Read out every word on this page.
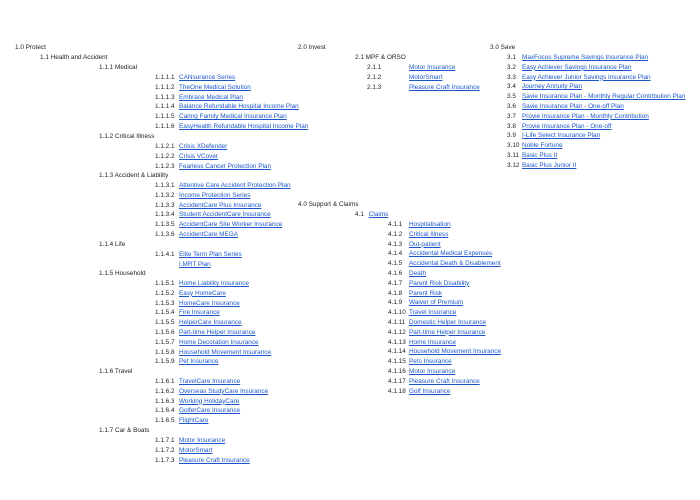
1.0 Protect
1.1 Health and Accident
1.1.1 Medical
1.1.1.1 CANsurance Series
1.1.1.2 TheOne Medical Solution
1.1.1.3 Embrace Medical Plan
1.1.1.4 Balance Refundable Hospital Income Plan
1.1.1.5 Caring Family Medical Insurance Plan
1.1.1.6 EasyHealth Refundable Hospital Income Plan
1.1.2 Critical Illness
1.1.2.1 Crisis XDefender
1.1.2.2 Crisis VCover
1.1.2.3 Fearless Cancer Protection Plan
1.1.3 Accident & Liability
1.1.3.1 Attentive Care Accident Protection Plan
1.1.3.2 Income Protection Series
1.1.3.3 AccidentCare Plus Insurance
1.1.3.4 Student AccidentCare Insurance
1.1.3.5 AccidentCare Site Worker Insurance
1.1.3.6 AccidentCare MEGA
1.1.4 Life
1.1.4.1 Elite Term Plan Series
I.MRT Plan
1.1.5 Household
1.1.5.1 Home Liability Insurance
1.1.5.2 Easy HomeCare
1.1.5.3 HomeCare Insurance
1.1.5.4 Fire Insurance
1.1.5.5 HelperCare Insurance
1.1.5.6 Part-time Helper Insurance
1.1.5.7 Home Decoration Insurance
1.1.5.8 Household Movement Insurance
1.1.5.9 Pet Insurance
1.1.6 Travel
1.1.6.1 TravelCare Insurance
1.1.6.2 Overseas StudyCare Insurance
1.1.6.3 Working HolidayCare
1.1.6.4 GolferCare Insurance
1.1.6.5 FlightCare
1.1.7 Car & Boats
1.1.7.1 Motor Insurance
1.1.7.2 MotorSmart
1.1.7.3 Pleasure Craft Insurance
2.0 Invest
2.1 MPF & ORSO
2.1.1	Motor Insurance
2.1.2	MotorSmart
2.1.3	Pleasure Craft Insurance
4.0 Support & Claims
4.1 Claims
4.1.1 Hospitalisation
4.1.2 Critical Illness
4.1.3 Out-patient
4.1.4 Accidental Medical Expenses
4.1.5 Accidental Death & Disablement
4.1.6 Death
4.1.7 Parent Risk Disability
4.1.8 Parent Risk
4.1.9 Waiver of Premium
4.1.10 Travel Insurance
4.1.11 Domestic Helper Insurance
4.1.12 Part-time Helper Insurance
4.1.13 Home Insurance
4.1.14 Household Movement Insurance
4.1.15 Pets Insurance
4.1.16 Motor Insurance
4.1.17 Pleasure Craft Insurance
4.1.18 Golf Insurance
3.0 Save
3.1 MaxFocus Supreme Savings Insurance Plan
3.2 Easy Achiever Savings Insurance Plan
3.3 Easy Achiever Junior Savings Insurance Plan
3.4 Journey Annuity Plan
3.5 Savie Insurance Plan - Monthly Regular Contribution Plan
3.6 Savie Insurance Plan - One-off Plan
3.7 Provie Insurance Plan - Monthly Contribution
3.8 Provie Insurance Plan - One-off
3.9 I-Life Select Insurance Plan
3.10 Noble Fortune
3.11 Basic Plus II
3.12 Basic Plus Junior II
